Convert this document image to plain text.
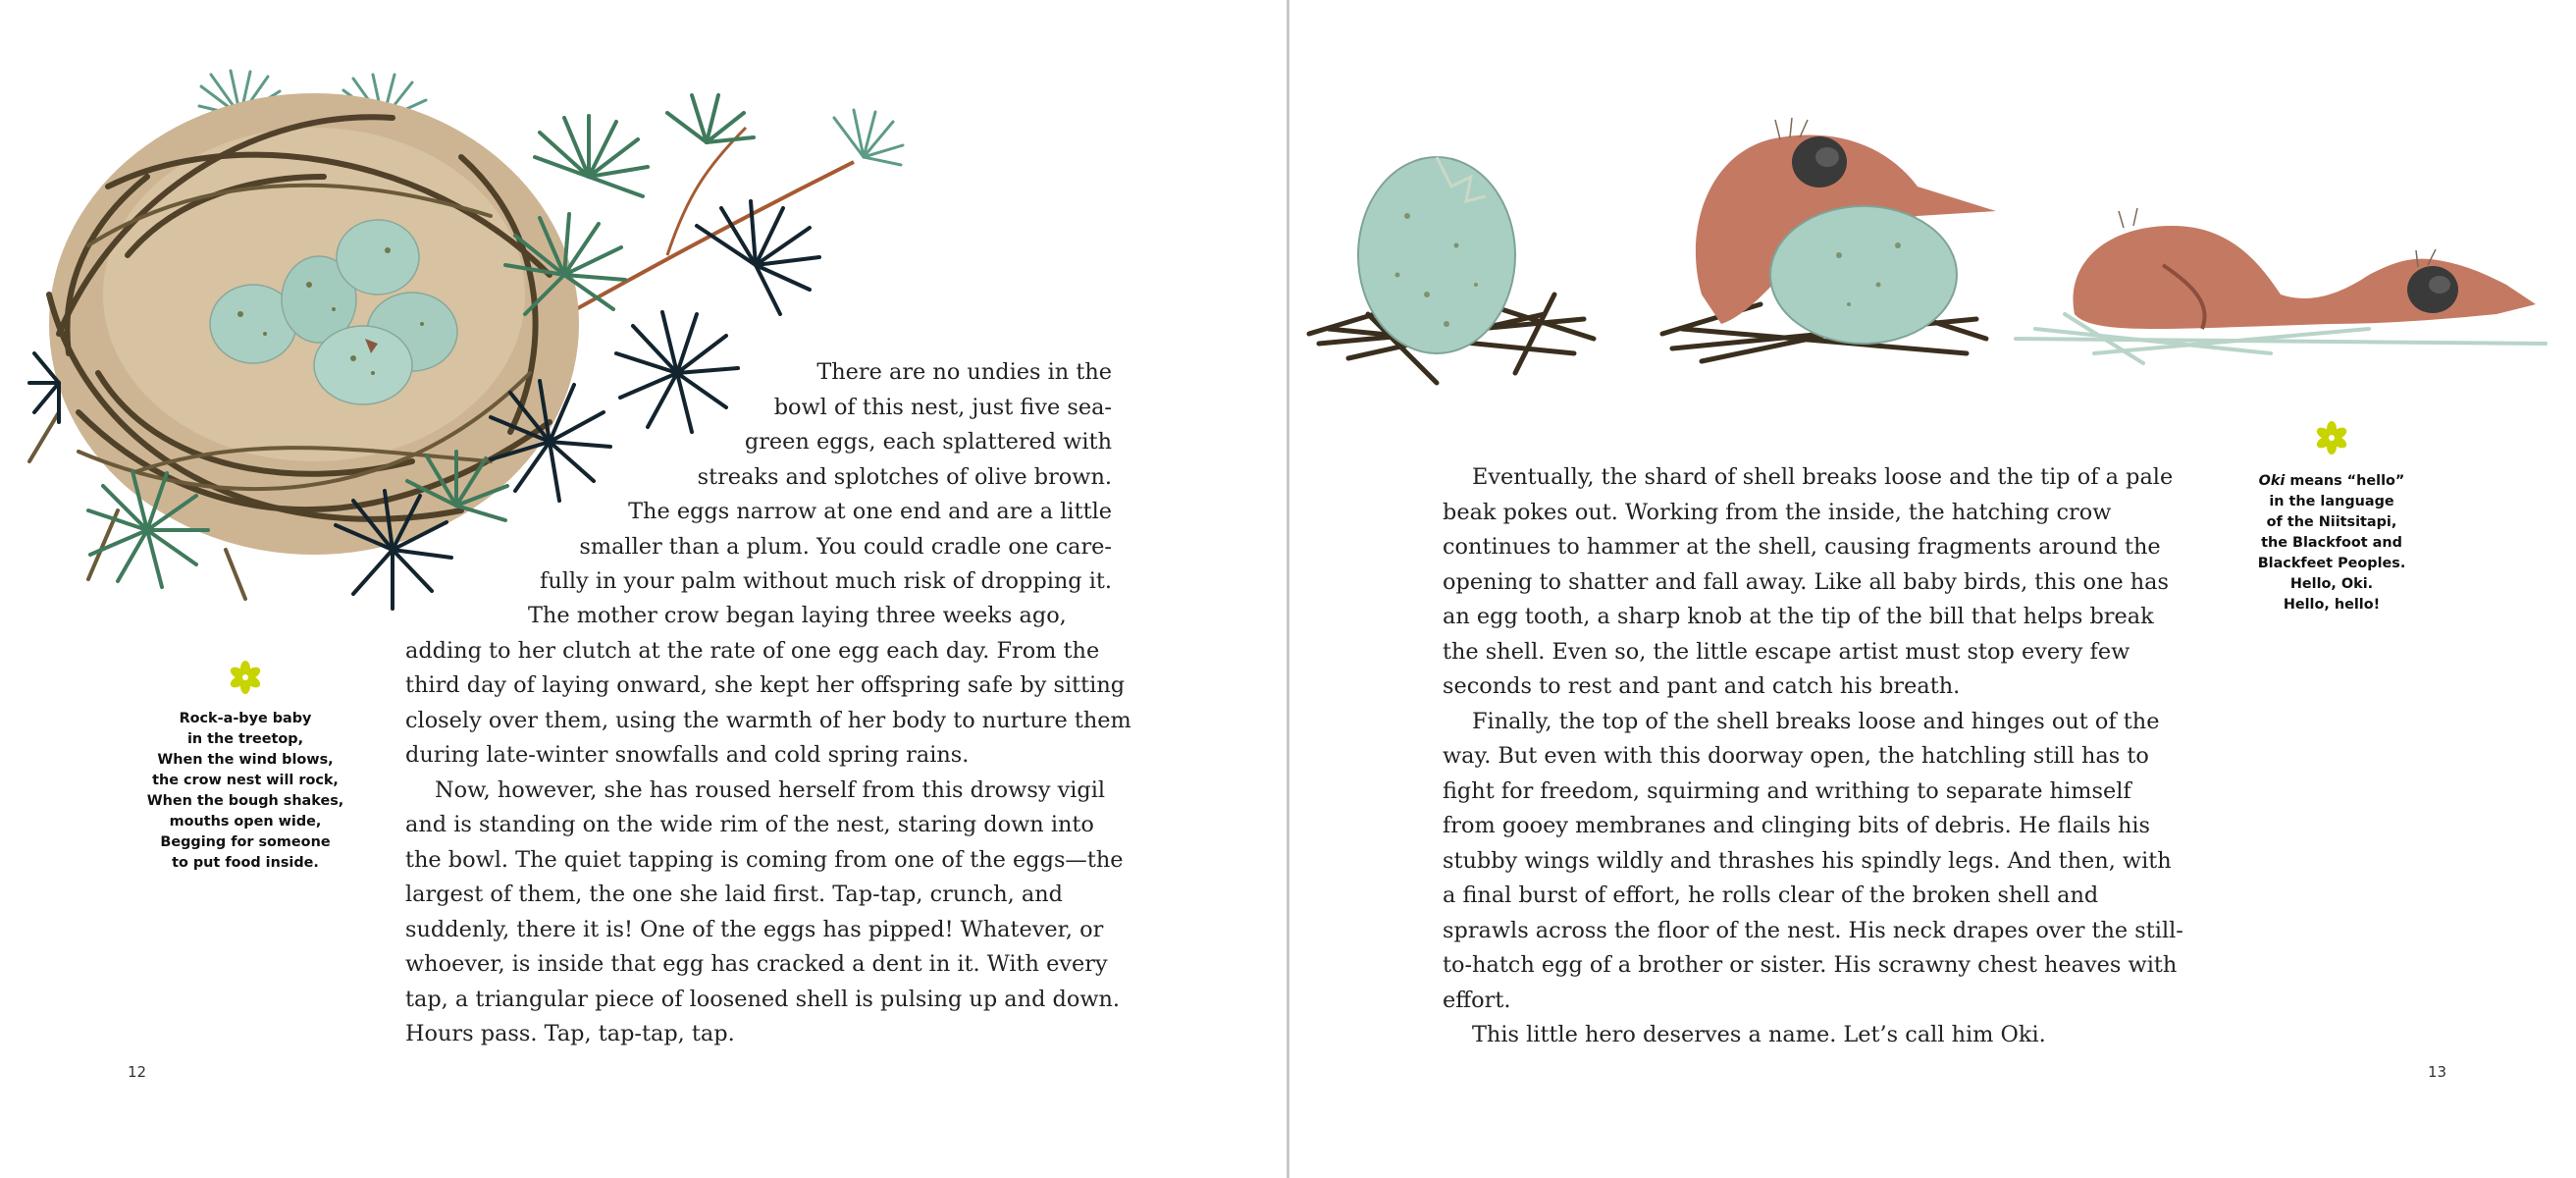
There are no undies in the
bowl of this nest, just five sea-
green eggs, each splattered with
streaks and splotches of olive brown.
The eggs narrow at one end and are a little
smaller than a plum. You could cradle one care-
fully in your palm without much risk of dropping it.

The mother crow began laying three weeks ago, adding to her clutch at the rate of one egg each day. From the third day of laying onward, she kept her offspring safe by sitting closely over them, using the warmth of her body to nurture them during late-winter snowfalls and cold spring rains.

Now, however, she has roused herself from this drowsy vigil and is standing on the wide rim of the nest, staring down into the bowl. The quiet tapping is coming from one of the eggs—the largest of them, the one she laid first. Tap-tap, crunch, and suddenly, there it is! One of the eggs has pipped! Whatever, or whoever, is inside that egg has cracked a dent in it. With every tap, a triangular piece of loosened shell is pulsing up and down. Hours pass. Tap, tap-tap, tap.

Rock-a-bye baby
in the treetop,
When the wind blows,
the crow nest will rock,
When the bough shakes,
mouths open wide,
Begging for someone
to put food inside.
12

Eventually, the shard of shell breaks loose and the tip of a pale beak pokes out. Working from the inside, the hatching crow continues to hammer at the shell, causing fragments around the opening to shatter and fall away. Like all baby birds, this one has an egg tooth, a sharp knob at the tip of the bill that helps break the shell. Even so, the little escape artist must stop every few seconds to rest and pant and catch his breath.

Finally, the top of the shell breaks loose and hinges out of the way. But even with this doorway open, the hatchling still has to fight for freedom, squirming and writhing to separate himself from gooey membranes and clinging bits of debris. He flails his stubby wings wildly and thrashes his spindly legs. And then, with a final burst of effort, he rolls clear of the broken shell and sprawls across the floor of the nest. His neck drapes over the still-to-hatch egg of a brother or sister. His scrawny chest heaves with effort.

This little hero deserves a name. Let’s call him Oki.

Oki means “hello”
in the language
of the Niitsitapi,
the Blackfoot and
Blackfeet Peoples.
Hello, Oki.
Hello, hello!
13
